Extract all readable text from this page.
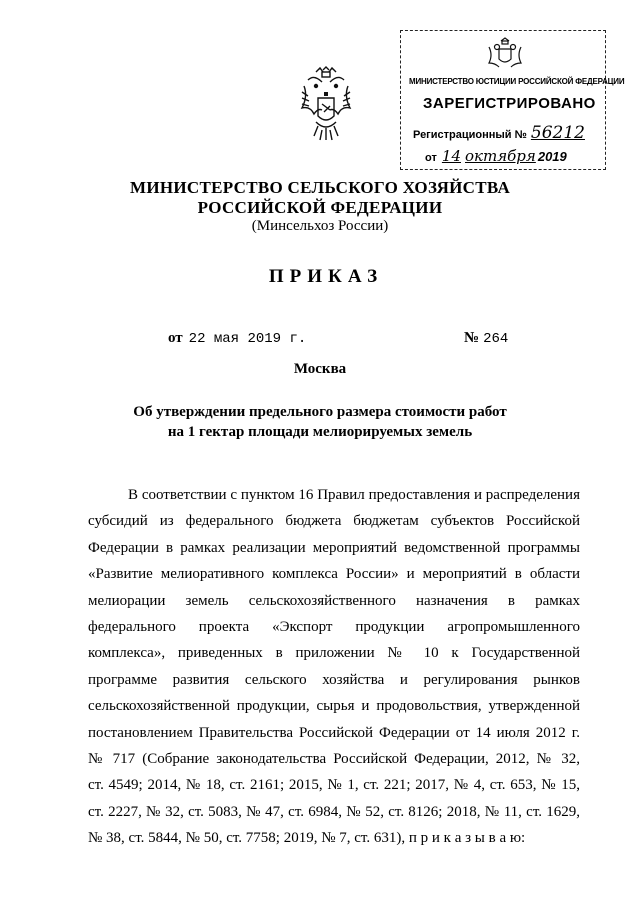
МИНИСТЕРСТВО ЮСТИЦИИ РОССИЙСКОЙ ФЕДЕРАЦИИ
ЗАРЕГИСТРИРОВАНО
Регистрационный № 56212
от 14 октября 2019
МИНИСТЕРСТВО СЕЛЬСКОГО ХОЗЯЙСТВА
РОССИЙСКОЙ ФЕДЕРАЦИИ
(Минсельхоз России)
ПРИКАЗ
от 22 мая 2019 г.	№ 264
Москва
Об утверждении предельного размера стоимости работ
на 1 гектар площади мелиорируемых земель
В соответствии с пунктом 16 Правил предоставления и распределения
субсидий из федерального бюджета бюджетам субъектов Российской
Федерации в рамках реализации мероприятий ведомственной программы
«Развитие мелиоративного комплекса России» и мероприятий в области
мелиорации земель сельскохозяйственного назначения в рамках
федерального проекта «Экспорт продукции агропромышленного
комплекса», приведенных в приложении № 10 к Государственной
программе развития сельского хозяйства и регулирования рынков
сельскохозяйственной продукции, сырья и продовольствия, утвержденной
постановлением Правительства Российской Федерации от 14 июля 2012 г.
№ 717 (Собрание законодательства Российской Федерации, 2012, № 32,
ст. 4549; 2014, № 18, ст. 2161; 2015, № 1, ст. 221; 2017, № 4, ст. 653, № 15,
ст. 2227, № 32, ст. 5083, № 47, ст. 6984, № 52, ст. 8126; 2018, № 11, ст. 1629,
№ 38, ст. 5844, № 50, ст. 7758; 2019, № 7, ст. 631), п р и к а з ы в а ю:
